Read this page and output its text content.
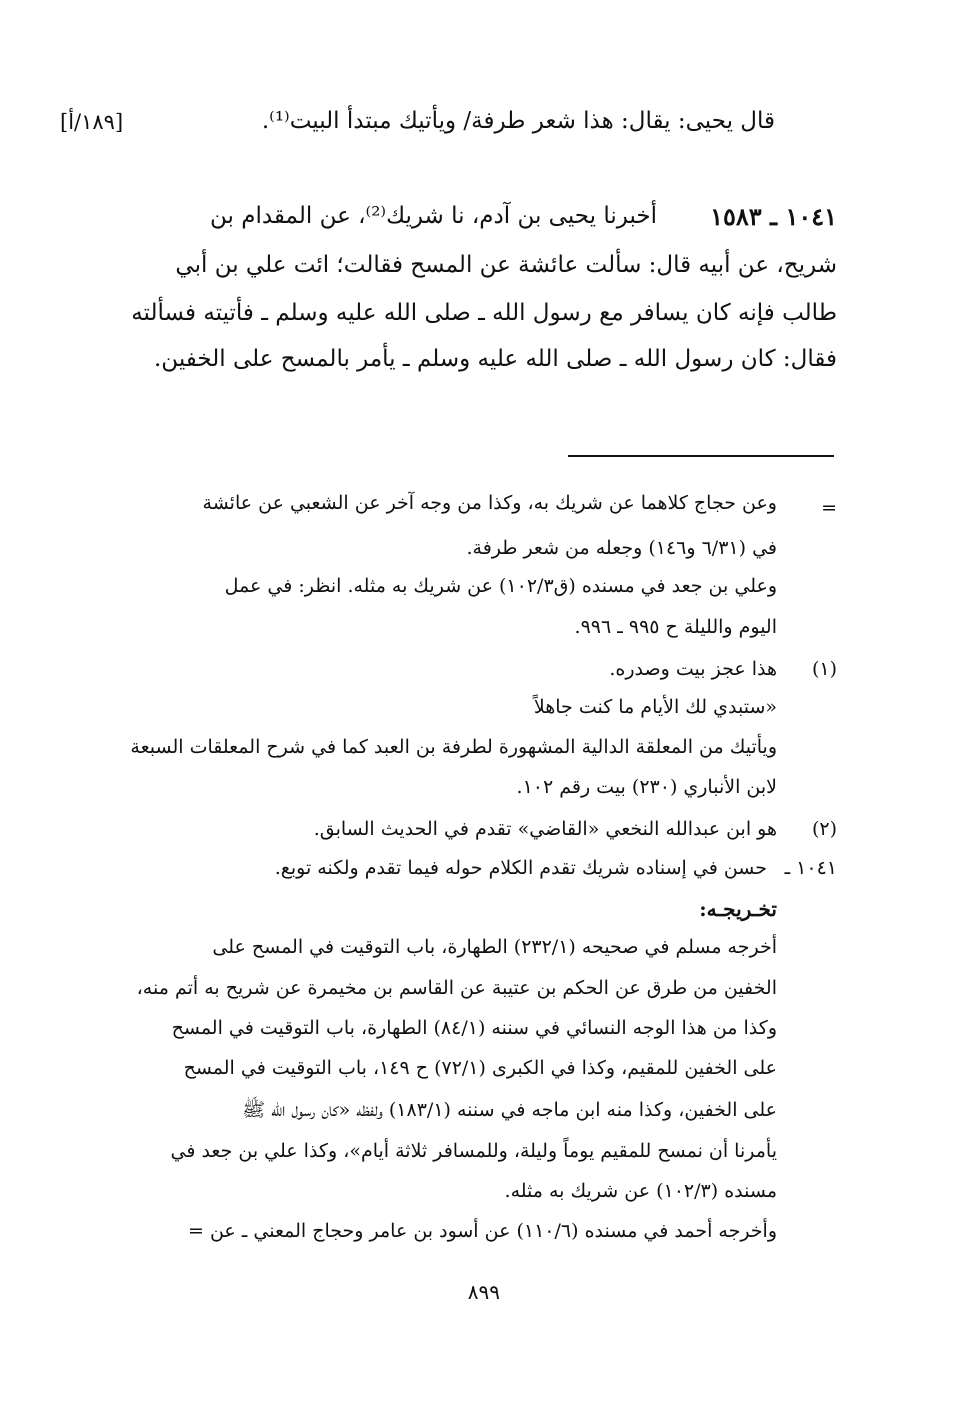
قال يحيى: يقال: هذا شعر طرفة/ ويأتيك مبتدأ البيت⁽¹⁾.
[١٨٩/أ]
١٠٤١ ـ ١٥٨٣
أخبرنا يحيى بن آدم، نا شريك⁽²⁾، عن المقدام بن
شريح، عن أبيه قال: سألت عائشة عن المسح فقالت؛ ائت علي بن أبي
طالب فإنه كان يسافر مع رسول الله ـ صلى الله عليه وسلم ـ فأتيته فسألته
فقال: كان رسول الله ـ صلى الله عليه وسلم ـ يأمر بالمسح على الخفين.
=
وعن حجاج كلاهما عن شريك به، وكذا من وجه آخر عن الشعبي عن عائشة
في (٦/٣١ و١٤٦) وجعله من شعر طرفة.
وعلي بن جعد في مسنده (ق١٠٢/٣) عن شريك به مثله. انظر: في عمل
اليوم والليلة ح ٩٩٥ ـ ٩٩٦.
(١)
هذا عجز بيت وصدره.
«ستبدي لك الأيام ما كنت جاهلاً
ويأتيك من المعلقة الدالية المشهورة لطرفة بن العبد كما في شرح المعلقات السبعة
لابن الأنباري (٢٣٠) بيت رقم ١٠٢.
(٢)
هو ابن عبدالله النخعي «القاضي» تقدم في الحديث السابق.
١٠٤١ ـ
حسن في إسناده شريك تقدم الكلام حوله فيما تقدم ولكنه توبع.
تخـريجـه:
أخرجه مسلم في صحيحه (٢٣٢/١) الطهارة، باب التوقيت في المسح على
الخفين من طرق عن الحكم بن عتيبة عن القاسم بن مخيمرة عن شريح به أتم منه،
وكذا من هذا الوجه النسائي في سننه (٨٤/١) الطهارة، باب التوقيت في المسح
على الخفين للمقيم، وكذا في الكبرى (٧٢/١) ح ١٤٩، باب التوقيت في المسح
على الخفين، وكذا منه ابن ماجه في سننه (١٨٣/١) ولفظه «كان رسول الله ﷺ
يأمرنا أن نمسح للمقيم يوماً وليلة، وللمسافر ثلاثة أيام»، وكذا علي بن جعد في
مسنده (١٠٢/٣) عن شريك به مثله.
وأخرجه أحمد في مسنده (١١٠/٦) عن أسود بن عامر وحجاج المعني ـ عن =
٨٩٩
